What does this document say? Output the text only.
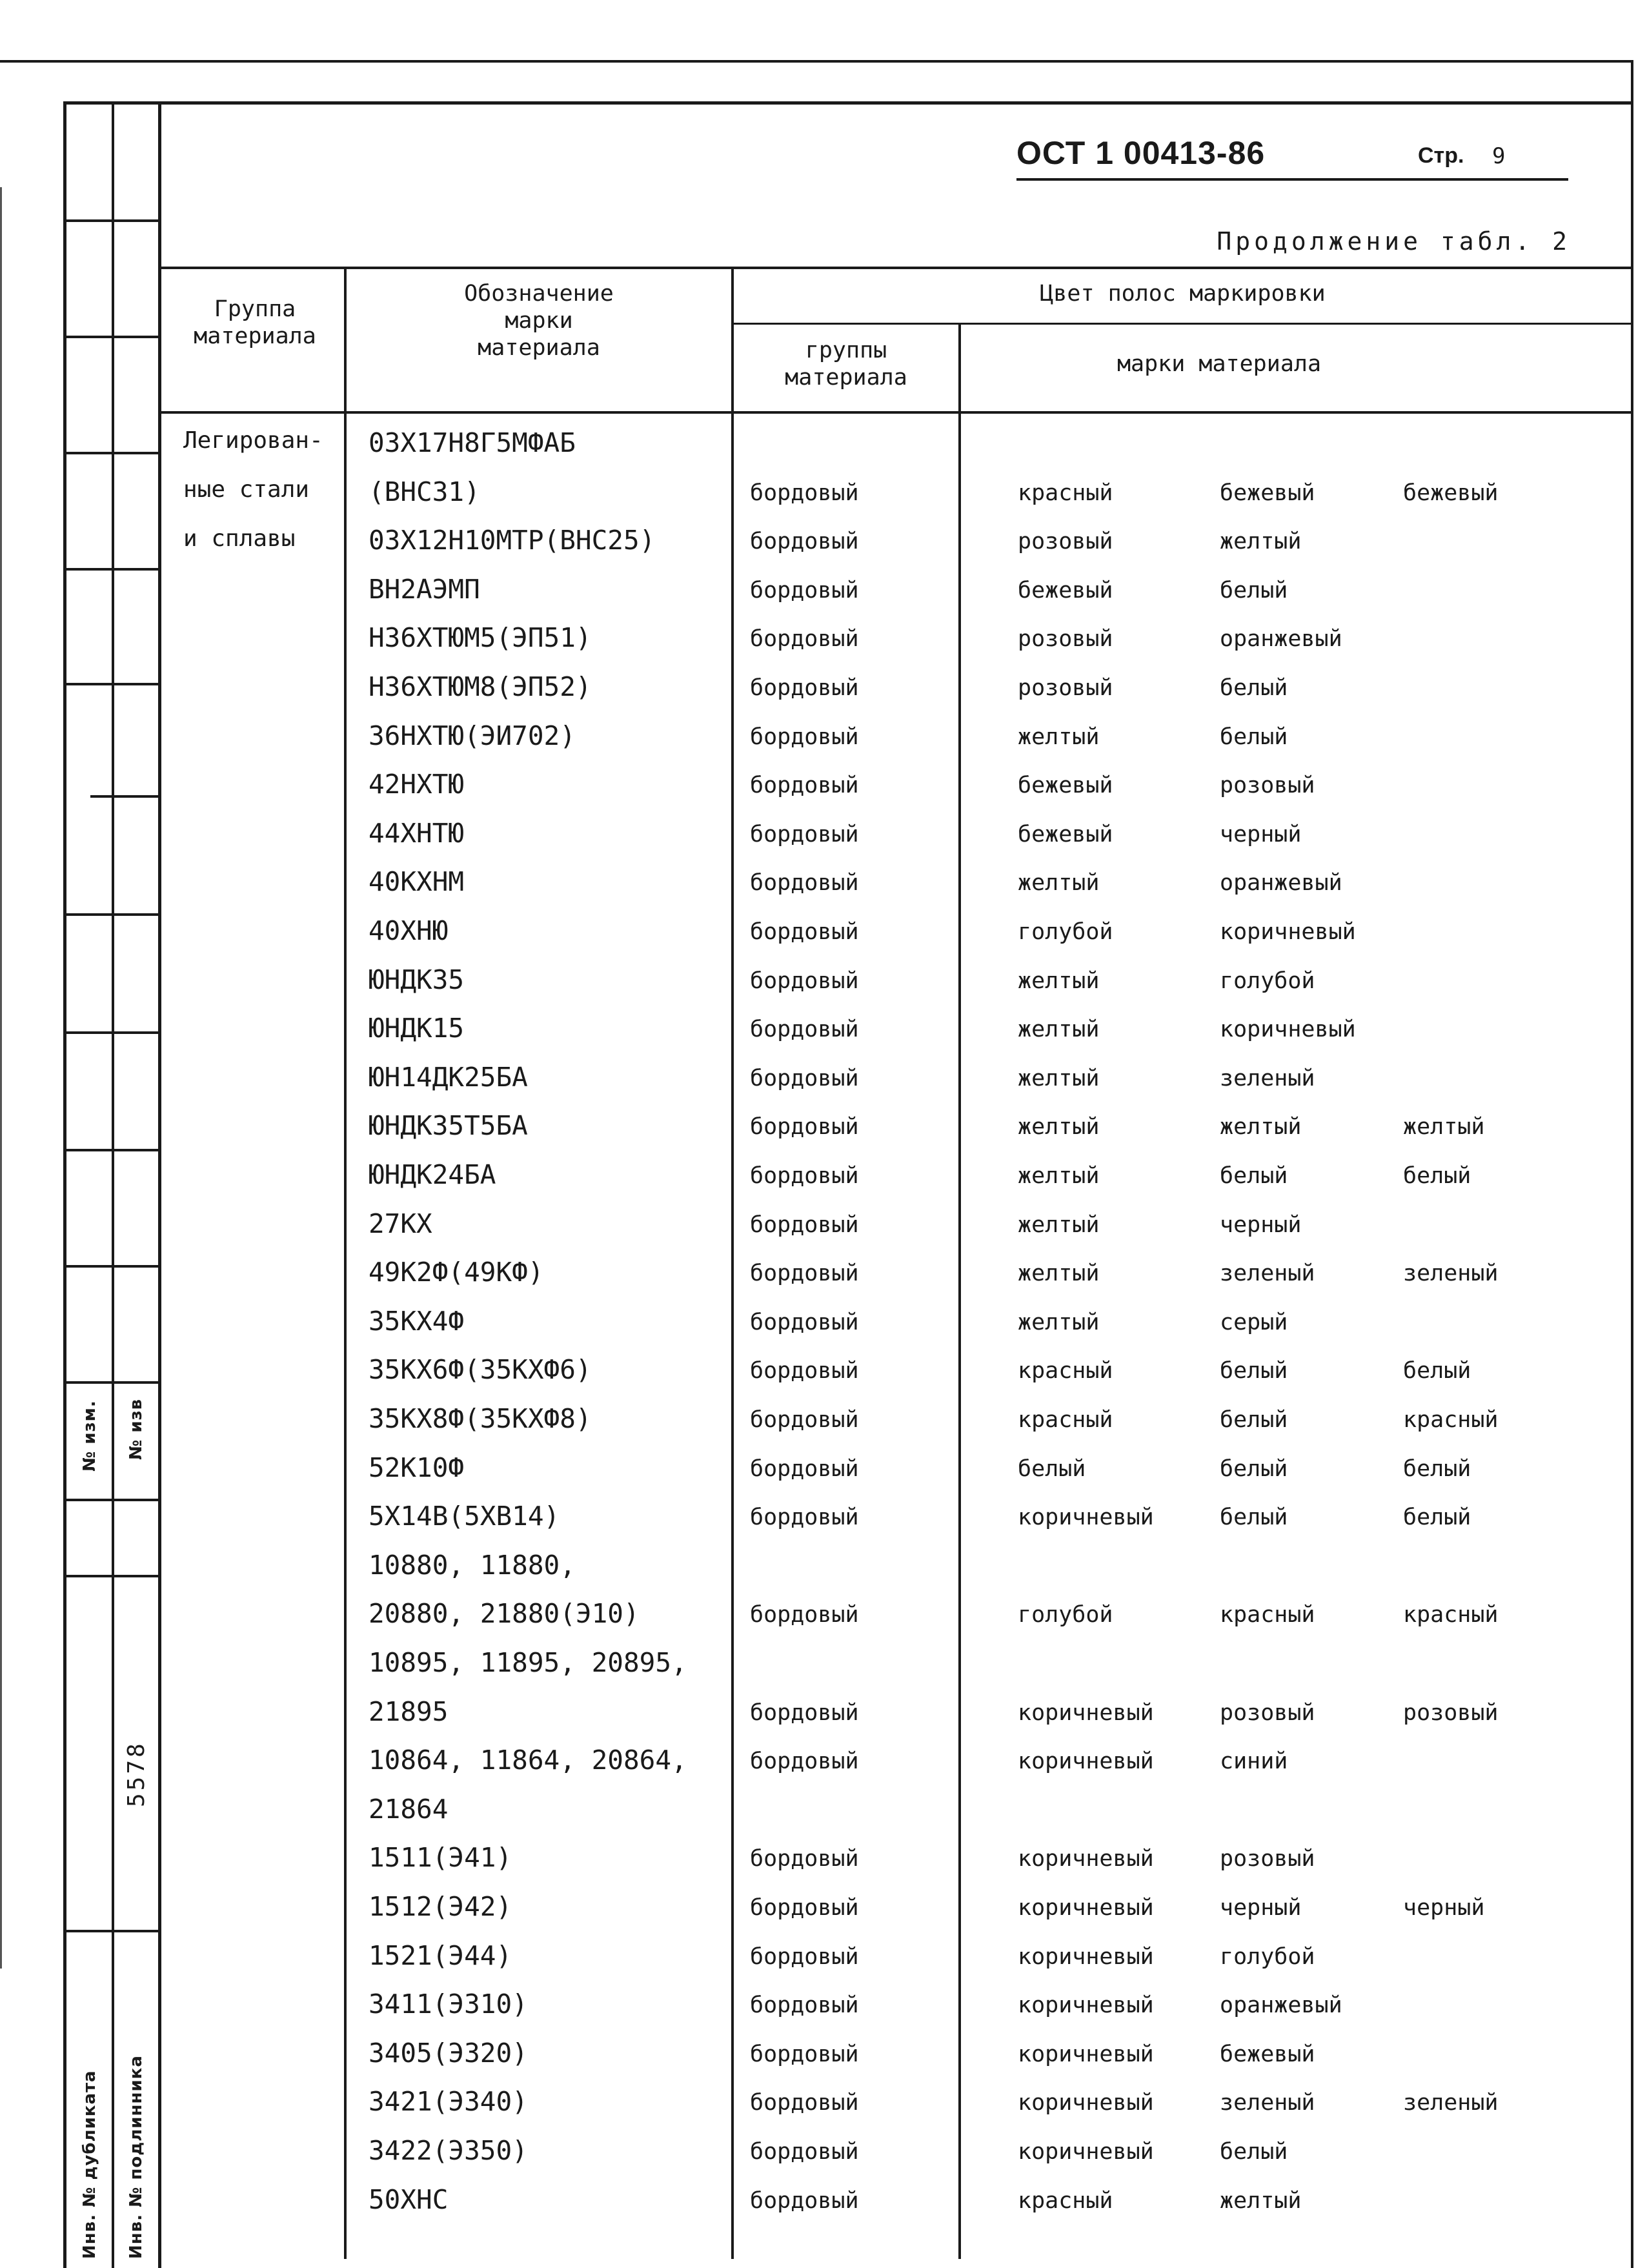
№ изм. № изв
5578
Инв. № дубликата Инв. № подлинника
ОСТ 1 00413-86	Стр. 9
Продолжение табл. 2
Группа
материала
Обозначение
марки
материала
Цвет полос маркировки
группы
материала
марки материала
Легирован-
ные стали
и сплавы
03Х17Н8Г5МФАБ
(ВНС31)	бордовый	красный	бежевый	бежевый
03Х12Н10МТР(ВНС25)	бордовый	розовый	желтый
ВН2АЭМП	бордовый	бежевый	белый
Н36ХТЮМ5(ЭП51)	бордовый	розовый	оранжевый
Н36ХТЮМ8(ЭП52)	бордовый	розовый	белый
36НХТЮ(ЭИ702)	бордовый	желтый	белый
42НХТЮ	бордовый	бежевый	розовый
44ХНТЮ	бордовый	бежевый	черный
40КХНМ	бордовый	желтый	оранжевый
40ХНЮ	бордовый	голубой	коричневый
ЮНДК35	бордовый	желтый	голубой
ЮНДК15	бордовый	желтый	коричневый
ЮН14ДК25БА	бордовый	желтый	зеленый
ЮНДК35Т5БА	бордовый	желтый	желтый	желтый
ЮНДК24БА	бордовый	желтый	белый	белый
27КХ	бордовый	желтый	черный
49К2Ф(49КФ)	бордовый	желтый	зеленый	зеленый
35КХ4Ф	бордовый	желтый	серый
35КХ6Ф(35КХФ6)	бордовый	красный	белый	белый
35КХ8Ф(35КХФ8)	бордовый	красный	белый	красный
52К10Ф	бордовый	белый	белый	белый
5Х14В(5ХВ14)	бордовый	коричневый	белый	белый
10880, 11880,
20880, 21880(Э10)	бордовый	голубой	красный	красный
10895, 11895, 20895,
21895	бордовый	коричневый	розовый	розовый
10864, 11864, 20864,	бордовый	коричневый	синий
21864
1511(Э41)	бордовый	коричневый	розовый
1512(Э42)	бордовый	коричневый	черный	черный
1521(Э44)	бордовый	коричневый	голубой
3411(Э310)	бордовый	коричневый	оранжевый
3405(Э320)	бордовый	коричневый	бежевый
3421(Э340)	бордовый	коричневый	зеленый	зеленый
3422(Э350)	бордовый	коричневый	белый
50ХНС	бордовый	красный	желтый
